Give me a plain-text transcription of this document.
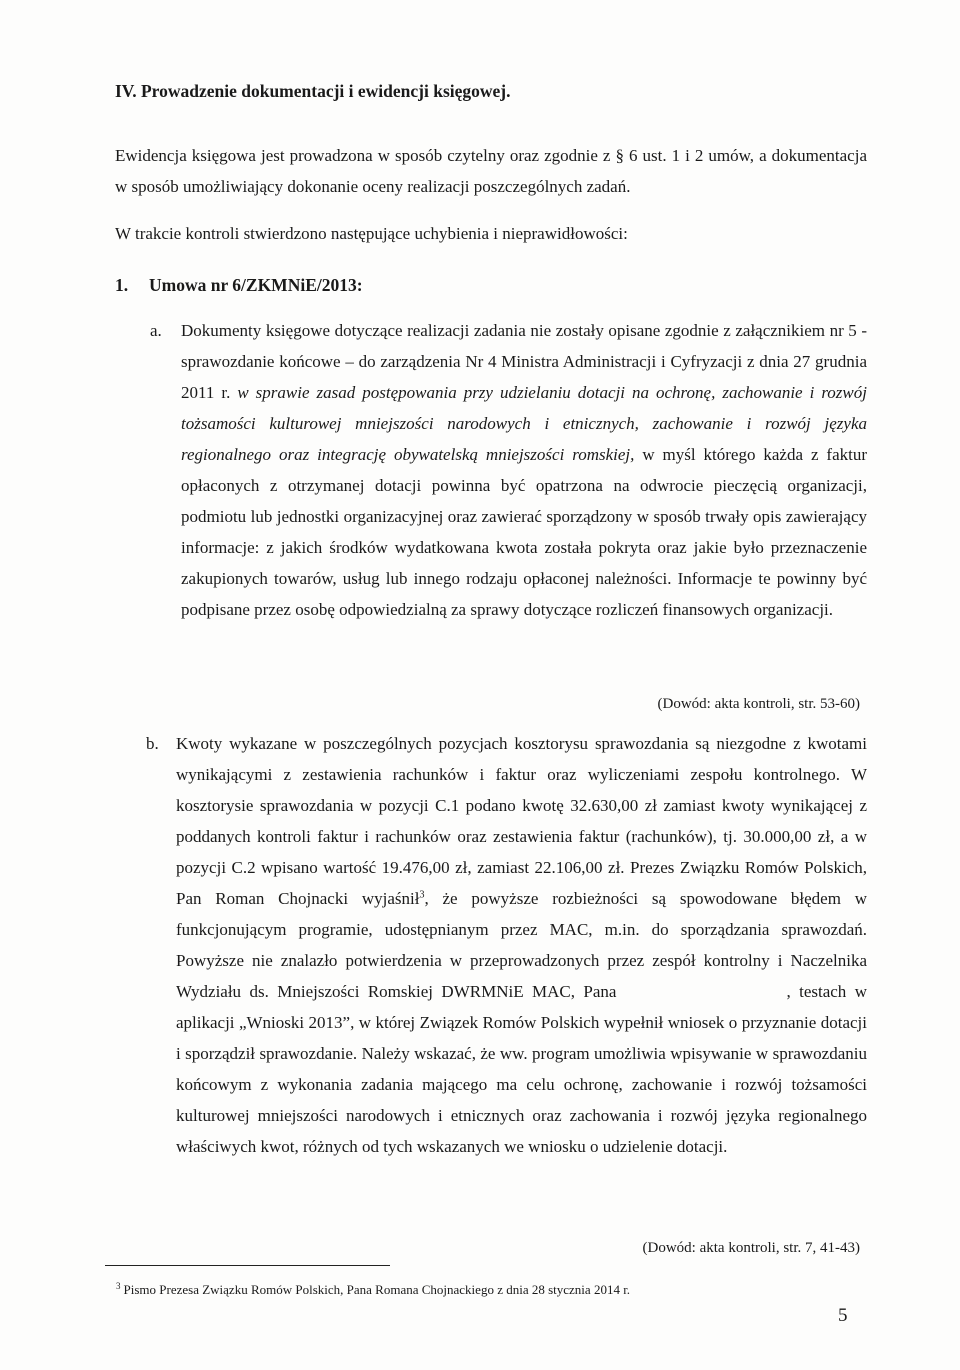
IV. Prowadzenie dokumentacji i ewidencji księgowej.

Ewidencja księgowa jest prowadzona w sposób czytelny oraz zgodnie z § 6 ust. 1 i 2 umów, a dokumentacja w sposób umożliwiający dokonanie oceny realizacji poszczególnych zadań.

W trakcie kontroli stwierdzono następujące uchybienia i nieprawidłowości:

1. Umowa nr 6/ZKMNiE/2013:
a. Dokumenty księgowe dotyczące realizacji zadania nie zostały opisane zgodnie z załącznikiem nr 5 - sprawozdanie końcowe – do zarządzenia Nr 4 Ministra Administracji i Cyfryzacji z dnia 27 grudnia 2011 r. w sprawie zasad postępowania przy udzielaniu dotacji na ochronę, zachowanie i rozwój tożsamości kulturowej mniejszości narodowych i etnicznych, zachowanie i rozwój języka regionalnego oraz integrację obywatelską mniejszości romskiej, w myśl którego każda z faktur opłaconych z otrzymanej dotacji powinna być opatrzona na odwrocie pieczęcią organizacji, podmiotu lub jednostki organizacyjnej oraz zawierać sporządzony w sposób trwały opis zawierający informacje: z jakich środków wydatkowana kwota została pokryta oraz jakie było przeznaczenie zakupionych towarów, usług lub innego rodzaju opłaconej należności. Informacje te powinny być podpisane przez osobę odpowiedzialną za sprawy dotyczące rozliczeń finansowych organizacji.

(Dowód: akta kontroli, str. 53-60)
b. Kwoty wykazane w poszczególnych pozycjach kosztorysu sprawozdania są niezgodne z kwotami wynikającymi z zestawienia rachunków i faktur oraz wyliczeniami zespołu kontrolnego. W kosztorysie sprawozdania w pozycji C.1 podano kwotę 32.630,00 zł zamiast kwoty wynikającej z poddanych kontroli faktur i rachunków oraz zestawienia faktur (rachunków), tj. 30.000,00 zł, a w pozycji C.2 wpisano wartość 19.476,00 zł, zamiast 22.106,00 zł. Prezes Związku Romów Polskich, Pan Roman Chojnacki wyjaśnił$^3$, że powyższe rozbieżności są spowodowane błędem w funkcjonującym programie, udostępnianym przez MAC, m.in. do sporządzania sprawozdań. Powyższe nie znalazło potwierdzenia w przeprowadzonych przez zespół kontrolny i Naczelnika Wydziału ds. Mniejszości Romskiej DWRMNiE MAC, Pana	, testach w aplikacji „Wnioski 2013”, w której Związek Romów Polskich wypełnił wniosek o przyznanie dotacji i sporządził sprawozdanie. Należy wskazać, że ww. program umożliwia wpisywanie w sprawozdaniu końcowym z wykonania zadania mającego ma celu ochronę, zachowanie i rozwój tożsamości kulturowej mniejszości narodowych i etnicznych oraz zachowania i rozwój języka regionalnego właściwych kwot, różnych od tych wskazanych we wniosku o udzielenie dotacji.

(Dowód: akta kontroli, str. 7, 41-43)

$^3$ Pismo Prezesa Związku Romów Polskich, Pana Romana Chojnackiego z dnia 28 stycznia 2014 r.

5
